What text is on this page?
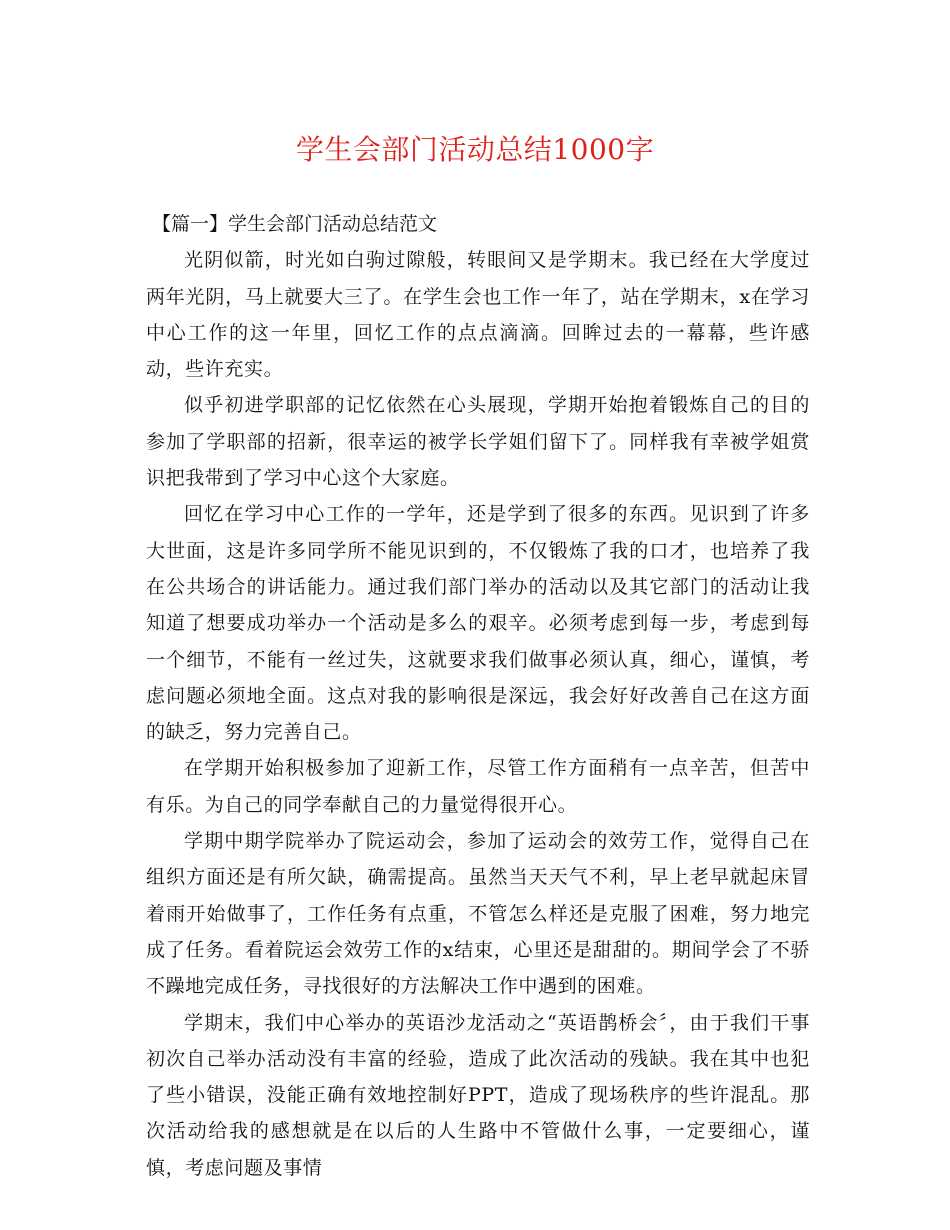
学生会部门活动总结1000字

【篇一】学生会部门活动总结范文

光阴似箭，时光如白驹过隙般，转眼间又是学期末。我已经在大学度过两年光阴，马上就要大三了。在学生会也工作一年了，站在学期末，x在学习中心工作的这一年里，回忆工作的点点滴滴。回眸过去的一幕幕，些许感动，些许充实。

似乎初进学职部的记忆依然在心头展现，学期开始抱着锻炼自己的目的参加了学职部的招新，很幸运的被学长学姐们留下了。同样我有幸被学姐赏识把我带到了学习中心这个大家庭。

回忆在学习中心工作的一学年，还是学到了很多的东西。见识到了许多大世面，这是许多同学所不能见识到的，不仅锻炼了我的口才，也培养了我在公共场合的讲话能力。通过我们部门举办的活动以及其它部门的活动让我知道了想要成功举办一个活动是多么的艰辛。必须考虑到每一步，考虑到每一个细节，不能有一丝过失，这就要求我们做事必须认真，细心，谨慎，考虑问题必须地全面。这点对我的影响很是深远，我会好好改善自己在这方面的缺乏，努力完善自己。

在学期开始积极参加了迎新工作，尽管工作方面稍有一点辛苦，但苦中有乐。为自己的同学奉献自己的力量觉得很开心。

学期中期学院举办了院运动会，参加了运动会的效劳工作，觉得自己在组织方面还是有所欠缺，确需提高。虽然当天天气不利，早上老早就起床冒着雨开始做事了，工作任务有点重，不管怎么样还是克服了困难，努力地完成了任务。看着院运会效劳工作的x结束，心里还是甜甜的。期间学会了不骄不躁地完成任务，寻找很好的方法解决工作中遇到的困难。

学期末，我们中心举办的英语沙龙活动之“英语鹊桥会〞，由于我们干事初次自己举办活动没有丰富的经验，造成了此次活动的残缺。我在其中也犯了些小错误，没能正确有效地控制好PPT，造成了现场秩序的些许混乱。那次活动给我的感想就是在以后的人生路中不管做什么事，一定要细心，谨慎，考虑问题及事情
